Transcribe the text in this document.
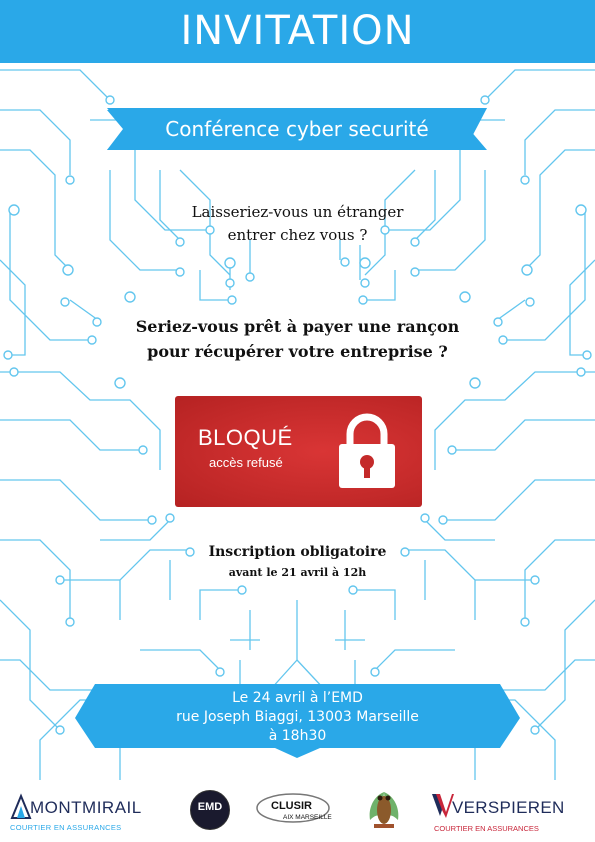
INVITATION
Conférence cyber securité
Laisseriez-vous un étranger
entrer chez vous ?
Seriez-vous prêt à payer une rançon
pour récupérer votre entreprise ?
BLOQUÉ
accès refusé
Inscription obligatoire
avant le 21 avril à 12h
Le 24 avril à l’EMD
rue Joseph Biaggi, 13003 Marseille
à 18h30
MONTMIRAIL
COURTIER EN ASSURANCES
EMD	CLUSIR
AIX MARSEILLE
VERSPIEREN
COURTIER EN ASSURANCES
